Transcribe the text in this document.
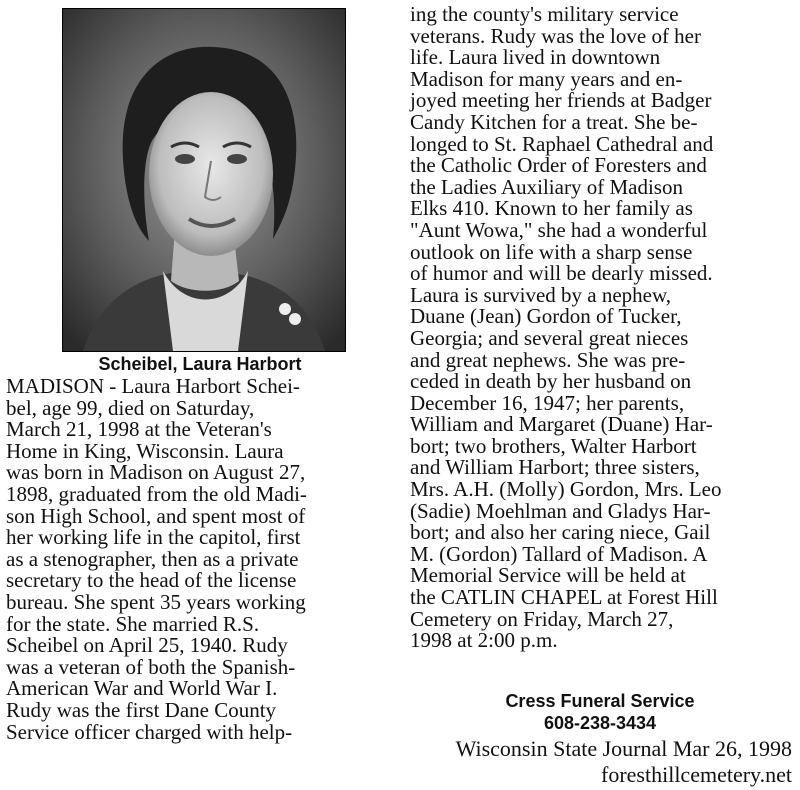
Scheibel, Laura Harbort
MADISON - Laura Harbort Schei-
bel, age 99, died on Saturday,
March 21, 1998 at the Veteran's
Home in King, Wisconsin. Laura
was born in Madison on August 27,
1898, graduated from the old Madi-
son High School, and spent most of
her working life in the capitol, first
as a stenographer, then as a private
secretary to the head of the license
bureau. She spent 35 years working
for the state. She married R.S.
Scheibel on April 25, 1940. Rudy
was a veteran of both the Spanish-
American War and World War I.
Rudy was the first Dane County
Service officer charged with help-
ing the county's military service
veterans. Rudy was the love of her
life. Laura lived in downtown
Madison for many years and en-
joyed meeting her friends at Badger
Candy Kitchen for a treat. She be-
longed to St. Raphael Cathedral and
the Catholic Order of Foresters and
the Ladies Auxiliary of Madison
Elks 410. Known to her family as
"Aunt Wowa," she had a wonderful
outlook on life with a sharp sense
of humor and will be dearly missed.
Laura is survived by a nephew,
Duane (Jean) Gordon of Tucker,
Georgia; and several great nieces
and great nephews. She was pre-
ceded in death by her husband on
December 16, 1947; her parents,
William and Margaret (Duane) Har-
bort; two brothers, Walter Harbort
and William Harbort; three sisters,
Mrs. A.H. (Molly) Gordon, Mrs. Leo
(Sadie) Moehlman and Gladys Har-
bort; and also her caring niece, Gail
M. (Gordon) Tallard of Madison. A
Memorial Service will be held at
the CATLIN CHAPEL at Forest Hill
Cemetery on Friday, March 27,
1998 at 2:00 p.m.
Cress Funeral Service
608-238-3434
Wisconsin State Journal Mar 26, 1998
foresthillcemetery.net
